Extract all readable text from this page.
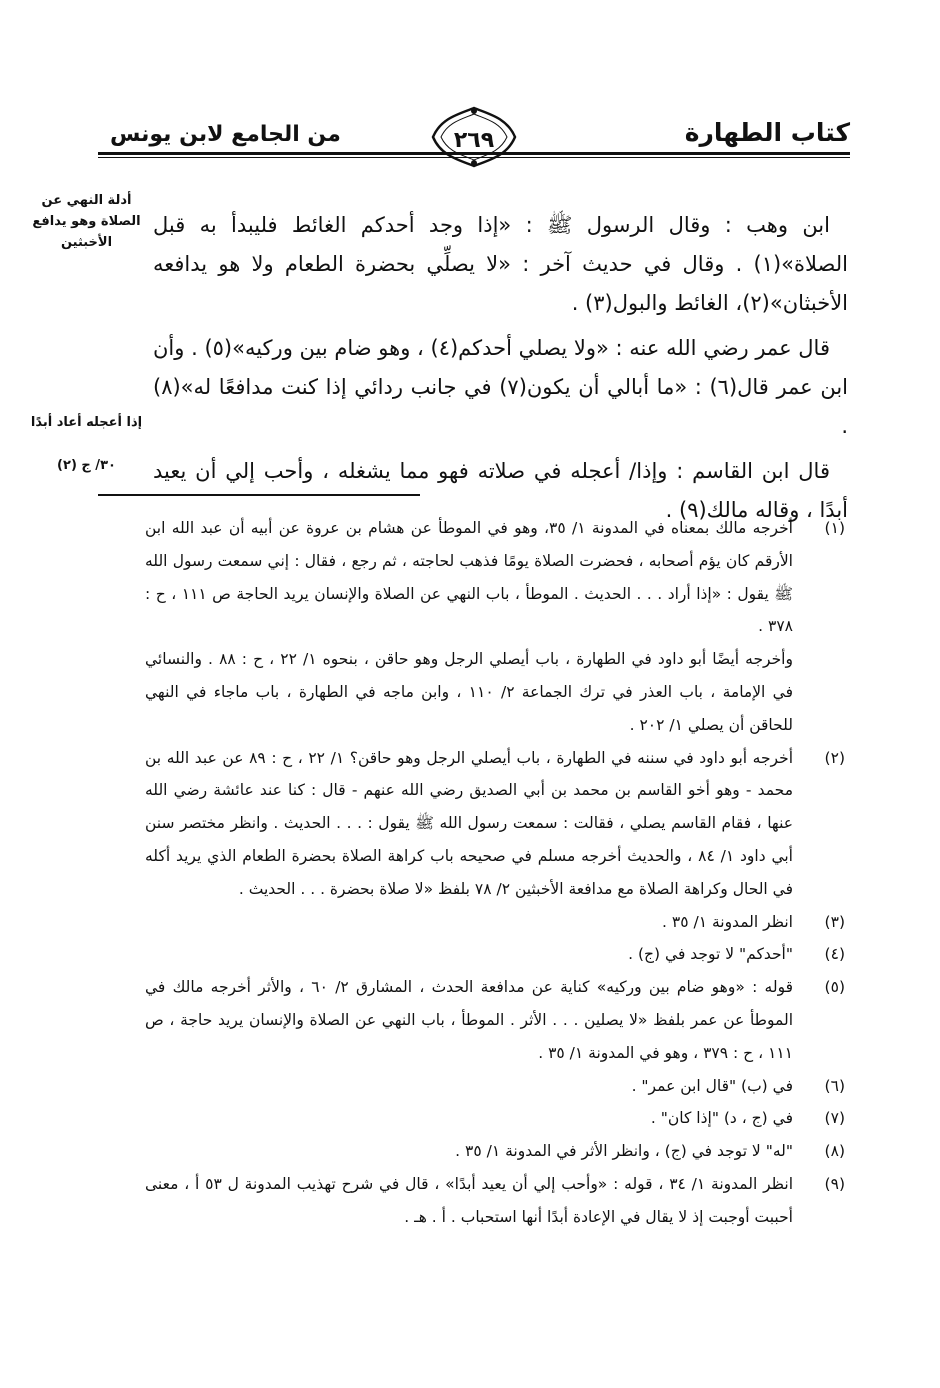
كتاب الطهارة
٢٦٩
من الجامع لابن يونس
أدلة النهي عن الصلاة وهو يدافع الأخبثين
إذا أعجله أعاد أبدًا
٣٠/ ج (٢)

ابن وهب : وقال الرسول ﷺ : «إذا وجد أحدكم الغائط فليبدأ به قبل الصلاة»(١) . وقال في حديث آخر : «لا يصلِّي بحضرة الطعام ولا هو يدافعه الأخبثان»(٢)، الغائط والبول(٣) .

قال عمر رضي الله عنه : «ولا يصلي أحدكم(٤) ، وهو ضام بين وركيه»(٥) . وأن ابن عمر قال(٦) : «ما أبالي أن يكون(٧) في جانب ردائي إذا كنت مدافعًا له»(٨) .

قال ابن القاسم : وإذا/ أعجله في صلاته فهو مما يشغله ، وأحب إلي أن يعيد أبدًا ، وقاله مالك(٩) .

(١)
أخرجه مالك بمعناه في المدونة ١/ ٣٥، وهو في الموطأ عن هشام بن عروة عن أبيه أن عبد الله ابن الأرقم كان يؤم أصحابه ، فحضرت الصلاة يومًا فذهب لحاجته ، ثم رجع ، فقال : إني سمعت رسول الله ﷺ يقول : «إذا أراد . . . الحديث . الموطأ ، باب النهي عن الصلاة والإنسان يريد الحاجة ص ١١١ ، ح : ٣٧٨ .
وأخرجه أيضًا أبو داود في الطهارة ، باب أيصلي الرجل وهو حاقن ، بنحوه ١/ ٢٢ ، ح : ٨٨ . والنسائي في الإمامة ، باب العذر في ترك الجماعة ٢/ ١١٠ ، وابن ماجه في الطهارة ، باب ماجاء في النهي للحاقن أن يصلي ١/ ٢٠٢ .
(٢)
أخرجه أبو داود في سننه في الطهارة ، باب أيصلي الرجل وهو حاقن؟ ١/ ٢٢ ، ح : ٨٩ عن عبد الله بن محمد - وهو أخو القاسم بن محمد بن أبي الصديق رضي الله عنهم - قال : كنا عند عائشة رضي الله عنها ، فقام القاسم يصلي ، فقالت : سمعت رسول الله ﷺ يقول : . . . الحديث . وانظر مختصر سنن أبي داود ١/ ٨٤ ، والحديث أخرجه مسلم في صحيحه باب كراهة الصلاة بحضرة الطعام الذي يريد أكله في الحال وكراهة الصلاة مع مدافعة الأخبثين ٢/ ٧٨ بلفظ «لا صلاة بحضرة . . . الحديث .
(٣)
انظر المدونة ١/ ٣٥ .
(٤)
"أحدكم" لا توجد في (ج) .
(٥)
قوله : «وهو ضام بين وركيه» كناية عن مدافعة الحدث ، المشارق ٢/ ٦٠ ، والأثر أخرجه مالك في الموطأ عن عمر بلفظ «لا يصلين . . . الأثر . الموطأ ، باب النهي عن الصلاة والإنسان يريد حاجة ، ص ١١١ ، ح : ٣٧٩ ، وهو في المدونة ١/ ٣٥ .
(٦)
في (ب) "قال ابن عمر" .
(٧)
في (ج ، د) "إذا كان" .
(٨)
"له" لا توجد في (ج) ، وانظر الأثر في المدونة ١/ ٣٥ .
(٩)
انظر المدونة ١/ ٣٤ ، قوله : «وأحب إلي أن يعيد أبدًا» ، قال في شرح تهذيب المدونة ل ٥٣ أ ، معنى أحببت أوجبت إذ لا يقال في الإعادة أبدًا أنها استحباب . أ . هـ .
